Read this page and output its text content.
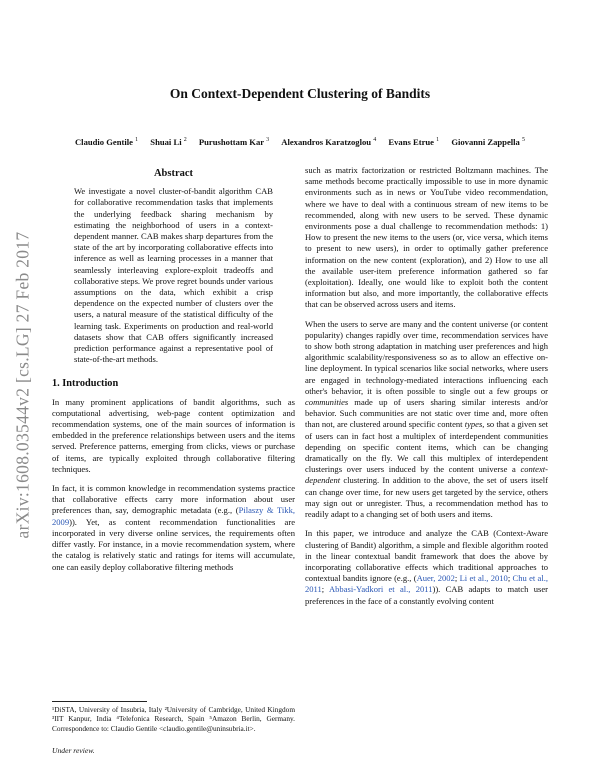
arXiv:1608.03544v2 [cs.LG] 27 Feb 2017
On Context-Dependent Clustering of Bandits
Claudio Gentile $^1$ Shuai Li $^2$ Purushottam Kar $^3$ Alexandros Karatzoglou $^4$ Evans Etrue $^1$ Giovanni Zappella $^5$
Abstract
We investigate a novel cluster-of-bandit algorithm CAB for collaborative recommendation tasks that implements the underlying feedback sharing mechanism by estimating the neighborhood of users in a context-dependent manner. CAB makes sharp departures from the state of the art by incorporating collaborative effects into inference as well as learning processes in a manner that seamlessly interleaving explore-exploit tradeoffs and collaborative steps. We prove regret bounds under various assumptions on the data, which exhibit a crisp dependence on the expected number of clusters over the users, a natural measure of the statistical difficulty of the learning task. Experiments on production and real-world datasets show that CAB offers significantly increased prediction performance against a representative pool of state-of-the-art methods.
1. Introduction

In many prominent applications of bandit algorithms, such as computational advertising, web-page content optimization and recommendation systems, one of the main sources of information is embedded in the preference relationships between users and the items served. Preference patterns, emerging from clicks, views or purchase of items, are typically exploited through collaborative filtering techniques.

In fact, it is common knowledge in recommendation systems practice that collaborative effects carry more information about user preferences than, say, demographic metadata (e.g., (Pilaszy & Tikk, 2009)). Yet, as content recommendation functionalities are incorporated in very diverse online services, the requirements often differ vastly. For instance, in a movie recommendation system, where the catalog is relatively static and ratings for items will accumulate, one can easily deploy collaborative filtering methods

such as matrix factorization or restricted Boltzmann machines. The same methods become practically impossible to use in more dynamic environments such as in news or YouTube video recommendation, where we have to deal with a continuous stream of new items to be recommended, along with new users to be served. These dynamic environments pose a dual challenge to recommendation methods: 1) How to present the new items to the users (or, vice versa, which items to present to new users), in order to optimally gather preference information on the new content (exploration), and 2) How to use all the available user-item preference information gathered so far (exploitation). Ideally, one would like to exploit both the content information but also, and more importantly, the collaborative effects that can be observed across users and items.

When the users to serve are many and the content universe (or content popularity) changes rapidly over time, recommendation services have to show both strong adaptation in matching user preferences and high algorithmic scalability/responsiveness so as to allow an effective on-line deployment. In typical scenarios like social networks, where users are engaged in technology-mediated interactions influencing each other's behavior, it is often possible to single out a few groups or communities made up of users sharing similar interests and/or behavior. Such communities are not static over time and, more often than not, are clustered around specific content types, so that a given set of users can in fact host a multiplex of interdependent communities depending on specific content items, which can be changing dramatically on the fly. We call this multiplex of interdependent clusterings over users induced by the content universe a context-dependent clustering. In addition to the above, the set of users itself can change over time, for new users get targeted by the service, others may sign out or unregister. Thus, a recommendation method has to readily adapt to a changing set of both users and items.

In this paper, we introduce and analyze the CAB (Context-Aware clustering of Bandit) algorithm, a simple and flexible algorithm rooted in the linear contextual bandit framework that does the above by incorporating collaborative effects which traditional approaches to contextual bandits ignore (e.g., (Auer, 2002; Li et al., 2010; Chu et al., 2011; Abbasi-Yadkori et al., 2011)). CAB adapts to match user preferences in the face of a constantly evolving content

¹DiSTA, University of Insubria, Italy ²University of Cambridge, United Kingdom ³IIT Kanpur, India ⁴Telefonica Research, Spain ⁵Amazon Berlin, Germany. Correspondence to: Claudio Gentile <claudio.gentile@uninsubria.it>.
Under review.
